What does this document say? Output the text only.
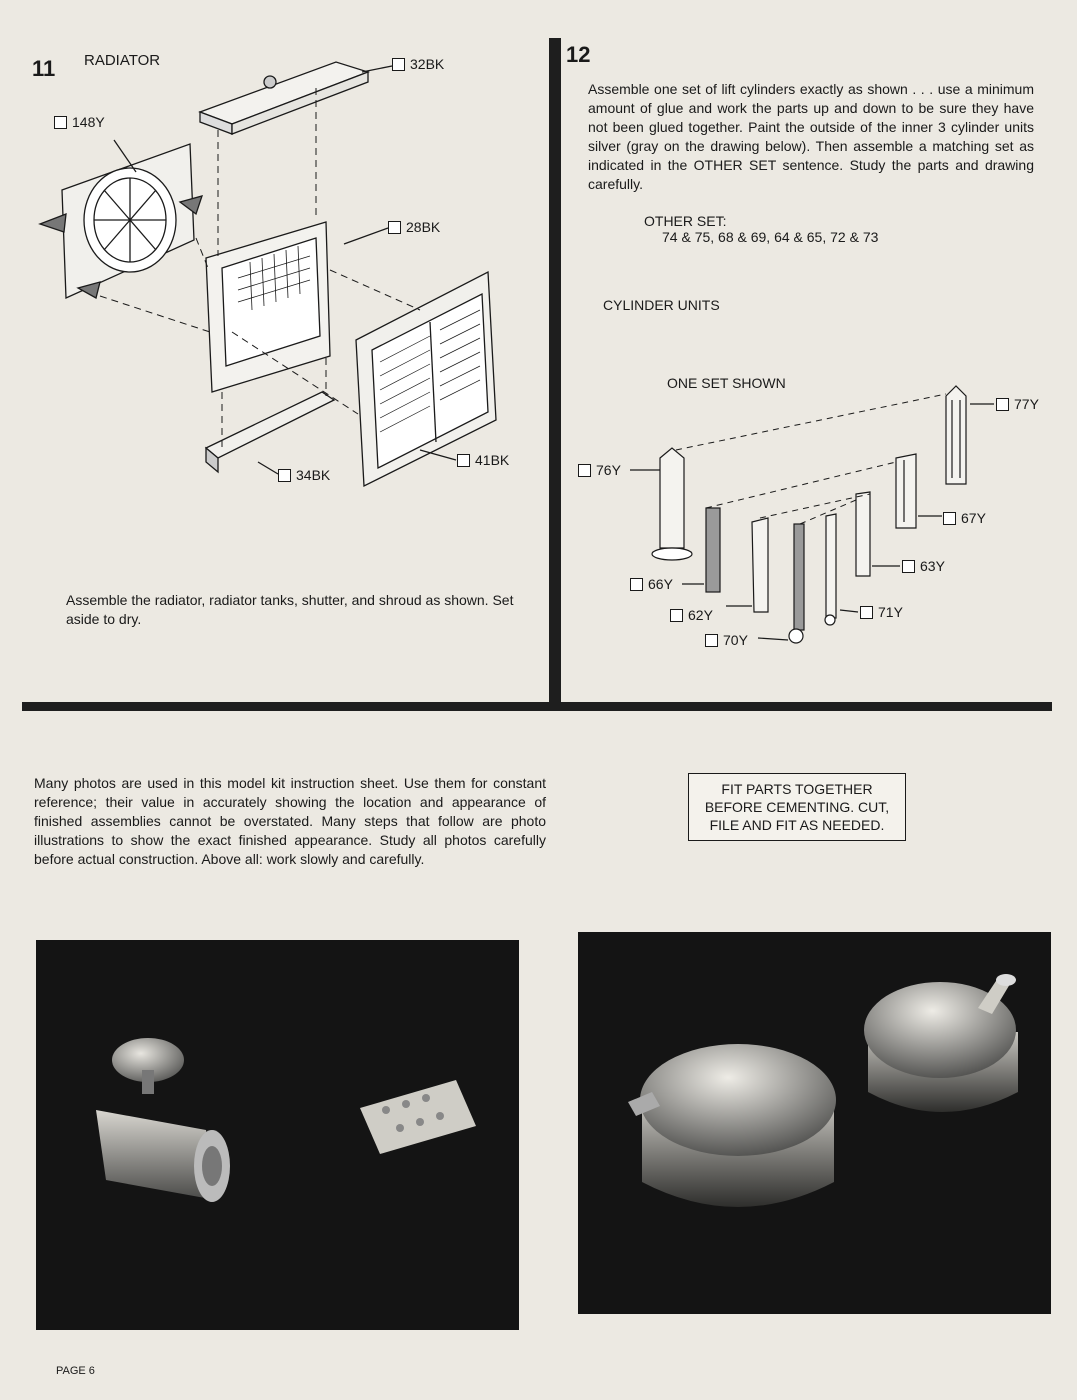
11 RADIATOR
148Y
32BK
28BK
34BK
41BK
Assemble the radiator, radiator tanks, shutter, and shroud as shown. Set aside to dry.
12
Assemble one set of lift cylinders exactly as shown . . . use a minimum amount of glue and work the parts up and down to be sure they have not been glued together. Paint the outside of the inner 3 cylinder units silver (gray on the drawing below). Then assemble a matching set as indicated in the OTHER SET sentence. Study the parts and drawing carefully.
OTHER SET:
74 & 75, 68 & 69, 64 & 65, 72 & 73
CYLINDER UNITS
ONE SET SHOWN
76Y
77Y
67Y
63Y
66Y
62Y	71Y
70Y
Many photos are used in this model kit instruction sheet. Use them for constant reference; their value in accurately showing the location and appearance of finished assemblies cannot be overstated. Many steps that follow are photo illustrations to show the exact finished appearance. Study all photos carefully before actual construction. Above all: work slowly and carefully.
FIT PARTS TOGETHER
BEFORE CEMENTING. CUT,
FILE AND FIT AS NEEDED.
PAGE 6
